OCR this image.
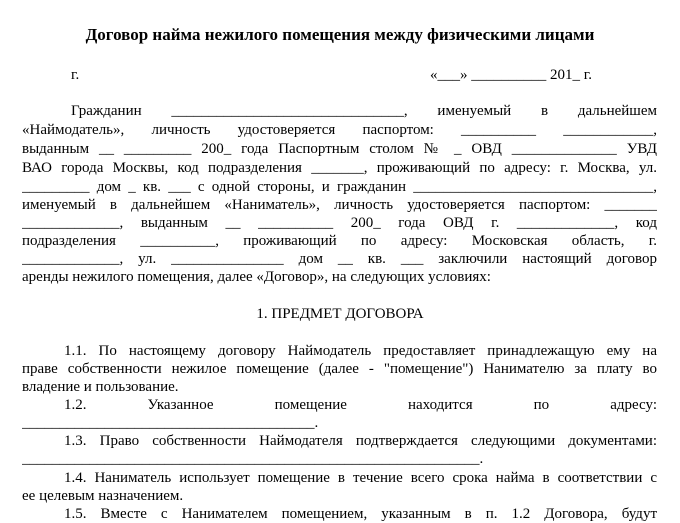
Договор найма нежилого помещения между физическими лицами
г.	«___» __________ 201_ г.
Гражданин _______________________________, именуемый в дальнейшем
«Наймодатель», личность удостоверяется паспортом: __________ ____________,
выданным __ _________ 200_ года Паспортным столом № _ ОВД ______________ УВД
ВАО города Москвы, код подразделения _______, проживающий по адресу: г. Москва, ул.
_________ дом _ кв. ___ с одной стороны, и гражданин ________________________________,
именуемый в дальнейшем «Наниматель», личность удостоверяется паспортом: _______
_____________, выданным __ __________ 200_ года ОВД г. _____________, код
подразделения __________, проживающий по адресу: Московская область, г.
_____________, ул. _______________ дом __ кв. ___ заключили настоящий договор
аренды нежилого помещения, далее «Договор», на следующих условиях:
1. ПРЕДМЕТ ДОГОВОРА
1.1. По настоящему договору Наймодатель предоставляет принадлежащую ему на
праве собственности нежилое помещение (далее - "помещение") Нанимателю за плату во
владение и пользование.
1.2. Указанное помещение находится по адресу:
_______________________________________.
1.3. Право собственности Наймодателя подтверждается следующими документами:
_____________________________________________________________.
1.4. Наниматель использует помещение в течение всего срока найма в соответствии с
ее целевым назначением.
1.5. Вместе с Нанимателем помещением, указанным в п. 1.2 Договора, будут
